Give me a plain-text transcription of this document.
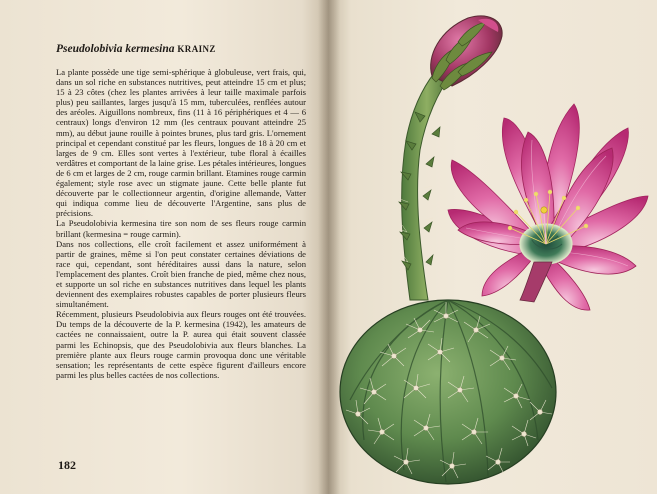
Pseudolobivia kermesina KRAINZ

La plante possède une tige semi-sphérique à globuleuse, vert frais, qui, dans un sol riche en substances nutritives, peut atteindre 15 cm et plus; 15 à 23 côtes (chez les plantes arrivées à leur taille maximale parfois plus) peu saillantes, larges jusqu'à 15 mm, tuberculées, renflées autour des aréoles. Aiguillons nombreux, fins (11 à 16 périphériques et 4 — 6 centraux) longs d'environ 12 mm (les centraux pouvant atteindre 25 mm), au début jaune rouille à pointes brunes, plus tard gris. L'ornement principal et cependant constitué par les fleurs, longues de 18 à 20 cm et larges de 9 cm. Elles sont vertes à l'extérieur, tube floral à écailles verdâtres et comportant de la laine grise. Les pétales intérieures, longues de 6 cm et larges de 2 cm, rouge carmin brillant. Etamines rouge carmin également; style rose avec un stigmate jaune. Cette belle plante fut découverte par le collectionneur argentin, d'origine allemande, Vatter qui indiqua comme lieu de découverte l'Argentine, sans plus de précisions.

La Pseudolobivia kermesina tire son nom de ses fleurs rouge carmin brillant (kermesina = rouge carmin).

Dans nos collections, elle croît facilement et assez uniformément à partir de graines, même si l'on peut constater certaines déviations de race qui, cependant, sont héréditaires aussi dans la nature, selon l'emplacement des plantes. Croît bien franche de pied, même chez nous, et supporte un sol riche en substances nutritives dans lequel les plants deviennent des exemplaires robustes capables de porter plusieurs fleurs simultanément.

Récemment, plusieurs Pseudolobivia aux fleurs rouges ont été trouvées. Du temps de la découverte de la P. kermesina (1942), les amateurs de cactées ne connaissaient, outre la P. aurea qui était souvent classée parmi les Echinopsis, que des Pseudolobivia aux fleurs blanches. La première plante aux fleurs rouge carmin provoqua donc une véritable sensation; les représentants de cette espèce figurent d'ailleurs encore parmi les plus belles cactées de nos collections.

182
